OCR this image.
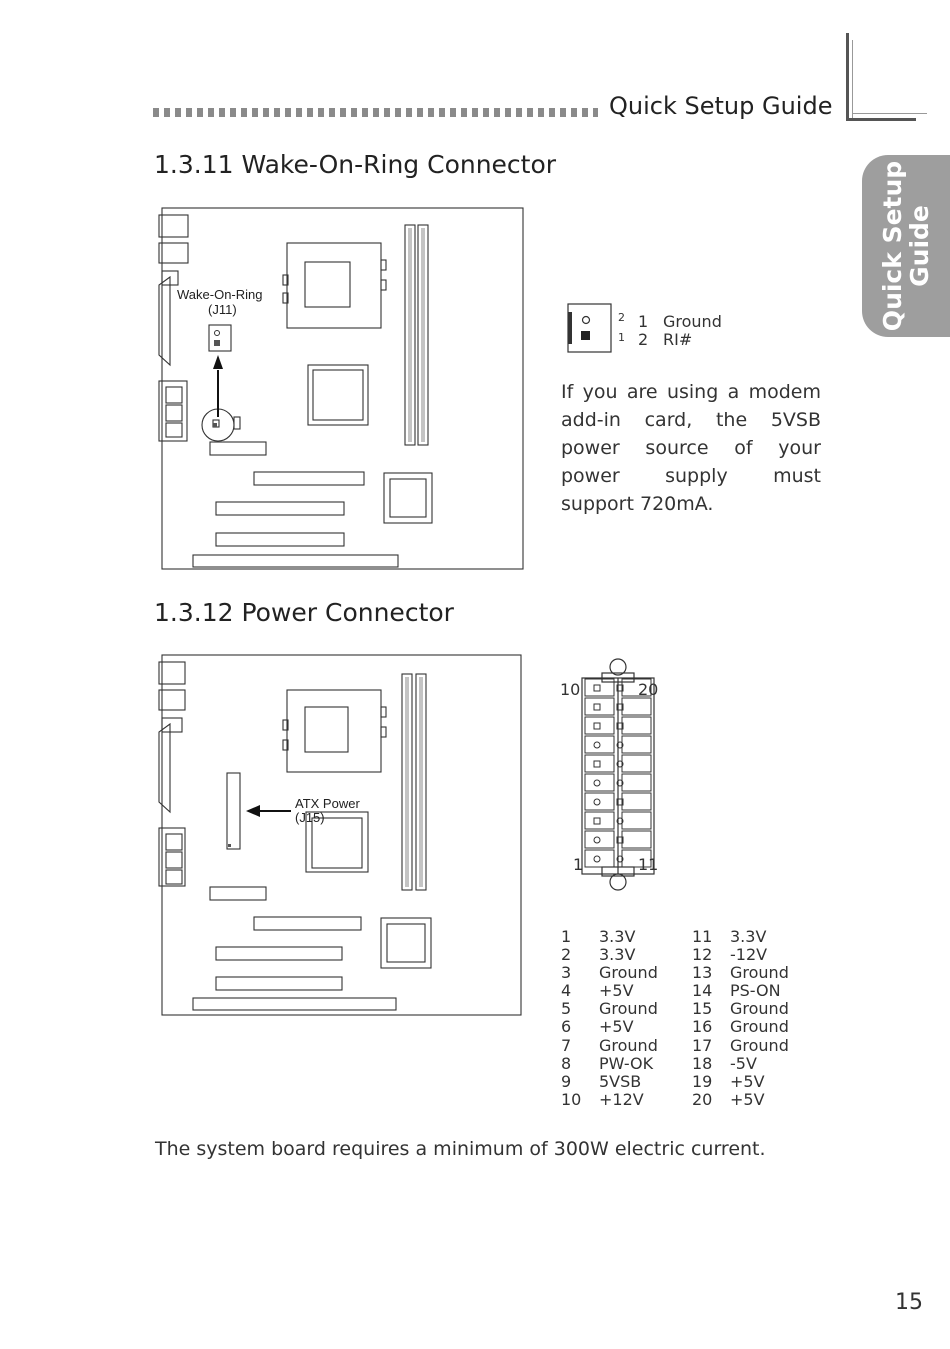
Quick Setup Guide
Quick Setup
Guide
1.3.11 Wake-On-Ring Connector
Wake-On-Ring
(J11)
2
1
1 Ground
2 RI#
If you are using a modem add-in card, the 5VSB power source of your power supply must support 720mA.
1.3.12 Power Connector
ATX Power
(J15)
10	20
1	11
1 3.3V
2 3.3V
3 Ground
4 +5V
5 Ground
6 +5V
7 Ground
8 PW-OK
9 5VSB
10 +12V
11 3.3V
12 -12V
13 Ground
14 PS-ON
15 Ground
16 Ground
17 Ground
18 -5V
19 +5V
20 +5V
The system board requires a minimum of 300W electric current.
15
